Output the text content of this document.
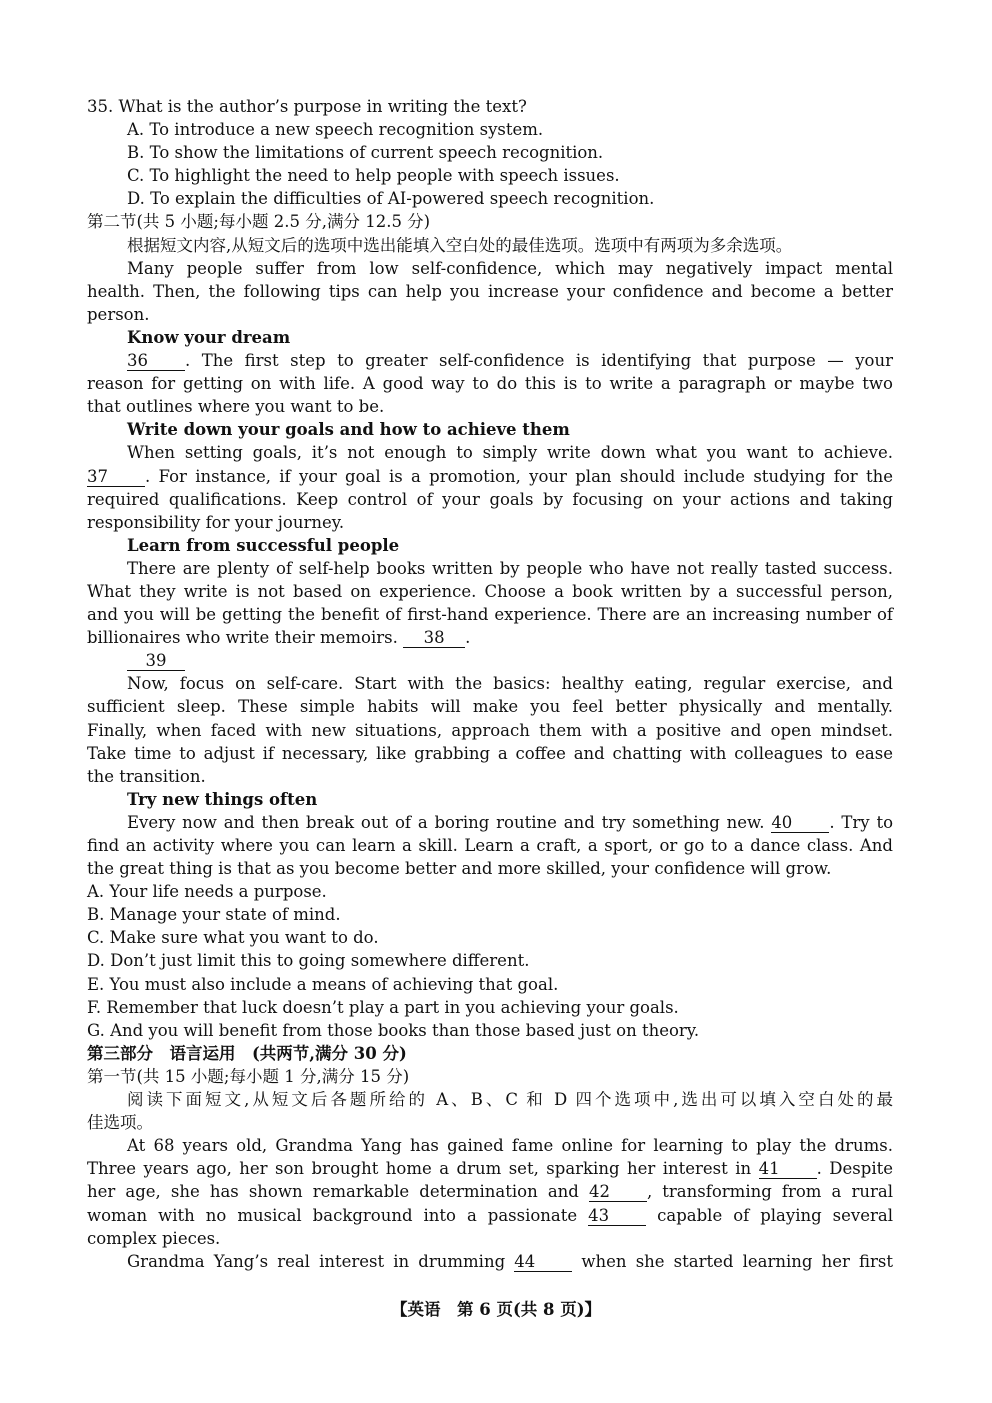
35. What is the author’s purpose in writing the text?
A. To introduce a new speech recognition system.
B. To show the limitations of current speech recognition.
C. To highlight the need to help people with speech issues.
D. To explain the difficulties of AI-powered speech recognition.
第二节(共 5 小题;每小题 2.5 分,满分 12.5 分)
根据短文内容,从短文后的选项中选出能填入空白处的最佳选项。选项中有两项为多余选项。
Many people suffer from low self-confidence, which may negatively impact mental
health. Then, the following tips can help you increase your confidence and become a better
person.
Know your dream
36 . The first step to greater self-confidence is identifying that purpose — your
reason for getting on with life. A good way to do this is to write a paragraph or maybe two
that outlines where you want to be.
Write down your goals and how to achieve them
When setting goals, it’s not enough to simply write down what you want to achieve.
37 . For instance, if your goal is a promotion, your plan should include studying for the
required qualifications. Keep control of your goals by focusing on your actions and taking
responsibility for your journey.
Learn from successful people
There are plenty of self-help books written by people who have not really tasted success.
What they write is not based on experience. Choose a book written by a successful person,
and you will be getting the benefit of first-hand experience. There are an increasing number of
billionaires who write their memoirs. 38 .
39
Now, focus on self-care. Start with the basics: healthy eating, regular exercise, and
sufficient sleep. These simple habits will make you feel better physically and mentally.
Finally, when faced with new situations, approach them with a positive and open mindset.
Take time to adjust if necessary, like grabbing a coffee and chatting with colleagues to ease
the transition.
Try new things often
Every now and then break out of a boring routine and try something new. 40 . Try to
find an activity where you can learn a skill. Learn a craft, a sport, or go to a dance class. And
the great thing is that as you become better and more skilled, your confidence will grow.
A. Your life needs a purpose.
B. Manage your state of mind.
C. Make sure what you want to do.
D. Don’t just limit this to going somewhere different.
E. You must also include a means of achieving that goal.
F. Remember that luck doesn’t play a part in you achieving your goals.
G. And you will benefit from those books than those based just on theory.
第三部分　语言运用　(共两节,满分 30 分)
第一节(共 15 小题;每小题 1 分,满分 15 分)
阅读下面短文,从短文后各题所给的 A、B、C 和 D 四个选项中,选出可以填入空白处的最
佳选项。
At 68 years old, Grandma Yang has gained fame online for learning to play the drums.
Three years ago, her son brought home a drum set, sparking her interest in 41 . Despite
her age, she has shown remarkable determination and 42 , transforming from a rural
woman with no musical background into a passionate 43	capable of playing several
complex pieces.
Grandma Yang’s real interest in drumming 44	when she started learning her first
【英语　第 6 页(共 8 页)】
